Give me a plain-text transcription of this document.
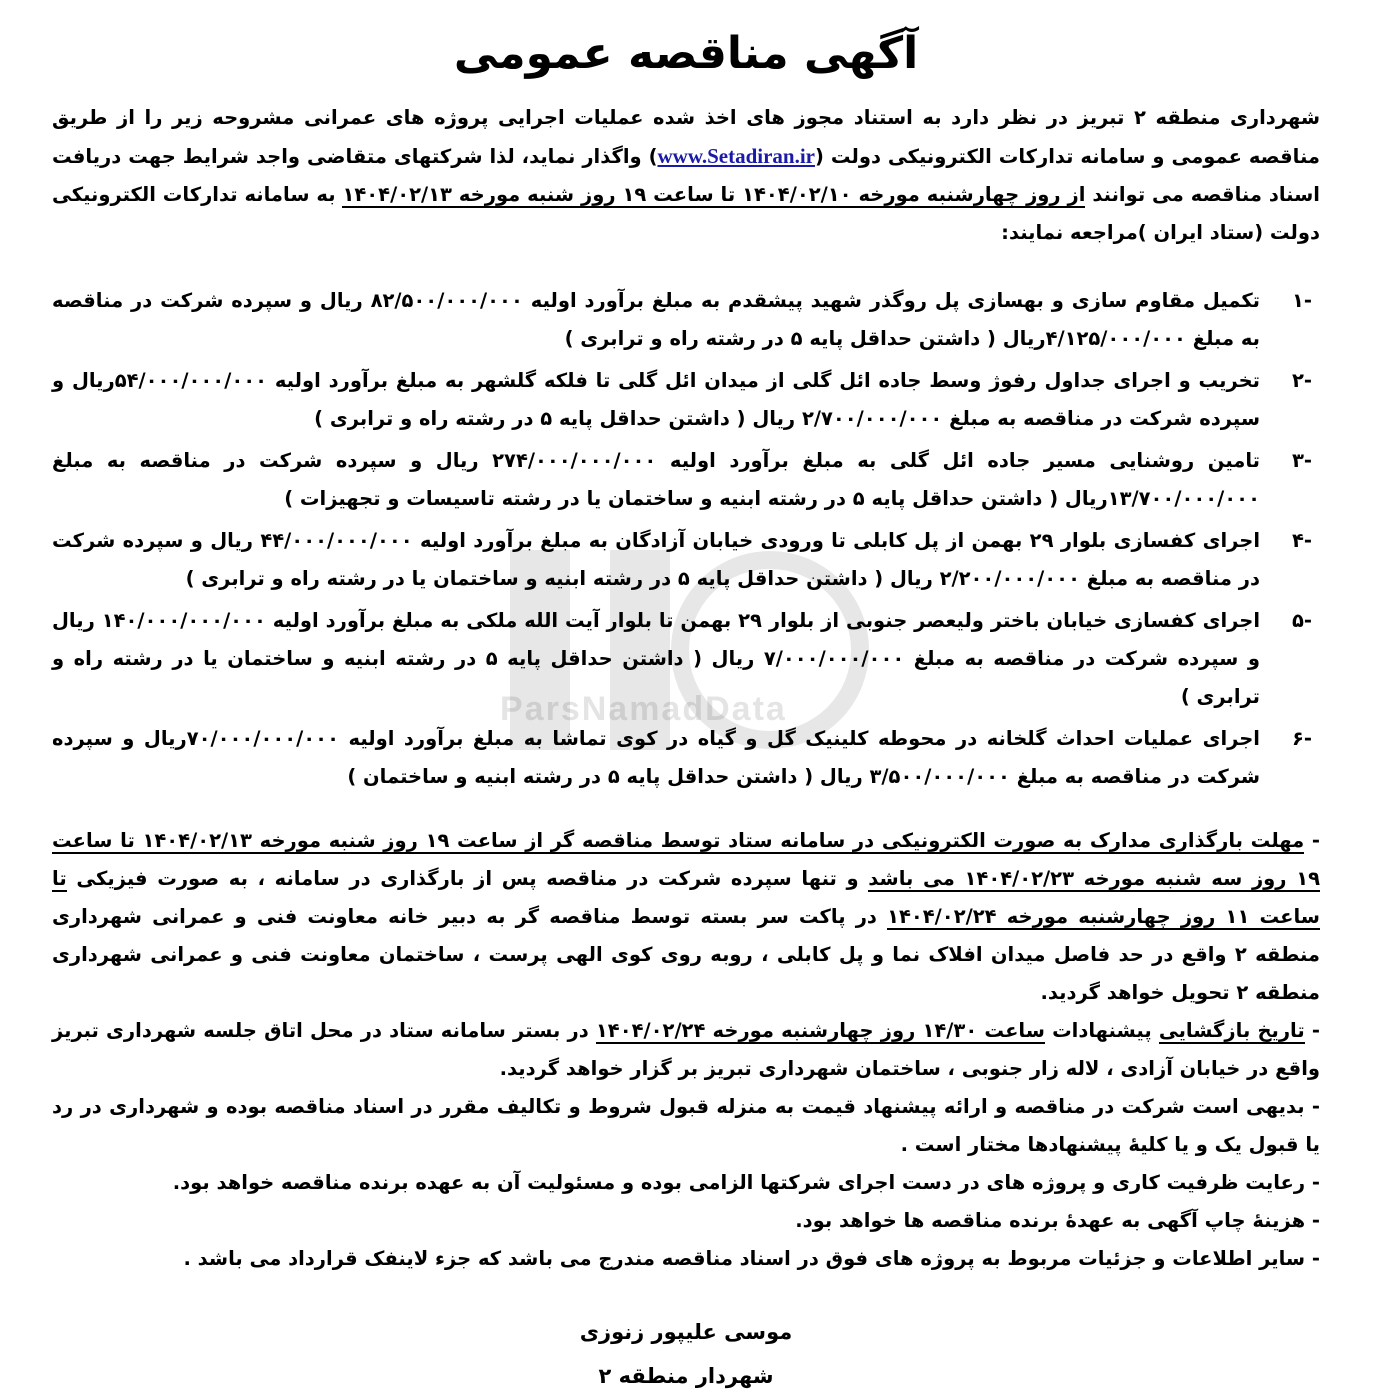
ParsNamadData
آگهی مناقصه عمومی

شهرداری منطقه ۲ تبریز در نظر دارد به استناد مجوز های اخذ شده عملیات اجرایی پروژه های عمرانی مشروحه زیر را از طریق مناقصه عمومی و سامانه تدارکات الکترونیکی دولت (www.Setadiran.ir) واگذار نماید، لذا شرکتهای متقاضی واجد شرایط جهت دریافت اسناد مناقصه می توانند از روز چهارشنبه مورخه ۱۴۰۴/۰۲/۱۰ تا ساعت ۱۹ روز شنبه مورخه ۱۴۰۴/۰۲/۱۳ به سامانه تدارکات الکترونیکی دولت (ستاد ایران )مراجعه نمایند:

-۱
تکمیل مقاوم سازی و بهسازی پل روگذر شهید پیشقدم به مبلغ برآورد اولیه ۸۲/۵۰۰/۰۰۰/۰۰۰ ریال و سپرده شرکت در مناقصه به مبلغ ۴/۱۲۵/۰۰۰/۰۰۰ریال ( داشتن حداقل پایه ۵ در رشته راه و ترابری )
-۲
تخریب و اجرای جداول رفوژ وسط جاده ائل گلی از میدان ائل گلی تا فلکه گلشهر به مبلغ برآورد اولیه ۵۴/۰۰۰/۰۰۰/۰۰۰ریال و سپرده شرکت در مناقصه به مبلغ ۲/۷۰۰/۰۰۰/۰۰۰ ریال ( داشتن حداقل پایه ۵ در رشته راه و ترابری )
-۳
تامین روشنایی مسیر جاده ائل گلی به مبلغ برآورد اولیه ۲۷۴/۰۰۰/۰۰۰/۰۰۰ ریال و سپرده شرکت در مناقصه به مبلغ ۱۳/۷۰۰/۰۰۰/۰۰۰ریال ( داشتن حداقل پایه ۵ در رشته ابنیه و ساختمان یا در رشته تاسیسات و تجهیزات )
-۴
اجرای کفسازی بلوار ۲۹ بهمن از پل کابلی تا ورودی خیابان آزادگان به مبلغ برآورد اولیه ۴۴/۰۰۰/۰۰۰/۰۰۰ ریال و سپرده شرکت در مناقصه به مبلغ ۲/۲۰۰/۰۰۰/۰۰۰ ریال ( داشتن حداقل پایه ۵ در رشته ابنیه و ساختمان یا در رشته راه و ترابری )
-۵
اجرای کفسازی خیابان باختر ولیعصر جنوبی از بلوار ۲۹ بهمن تا بلوار آیت الله ملکی به مبلغ برآورد اولیه ۱۴۰/۰۰۰/۰۰۰/۰۰۰ ریال و سپرده شرکت در مناقصه به مبلغ ۷/۰۰۰/۰۰۰/۰۰۰ ریال ( داشتن حداقل پایه ۵ در رشته ابنیه و ساختمان یا در رشته راه و ترابری )
-۶
اجرای عملیات احداث گلخانه در محوطه کلینیک گل و گیاه در کوی تماشا به مبلغ برآورد اولیه ۷۰/۰۰۰/۰۰۰/۰۰۰ریال و سپرده شرکت در مناقصه به مبلغ ۳/۵۰۰/۰۰۰/۰۰۰ ریال ( داشتن حداقل پایه ۵ در رشته ابنیه و ساختمان )

- مهلت بارگذاری مدارک به صورت الکترونیکی در سامانه ستاد توسط مناقصه گر از ساعت ۱۹ روز شنبه مورخه ۱۴۰۴/۰۲/۱۳ تا ساعت ۱۹ روز سه شنبه مورخه ۱۴۰۴/۰۲/۲۳ می باشد و تنها سپرده شرکت در مناقصه پس از بارگذاری در سامانه ، به صورت فیزیکی تا ساعت ۱۱ روز چهارشنبه مورخه ۱۴۰۴/۰۲/۲۴ در پاکت سر بسته توسط مناقصه گر به دبیر خانه معاونت فنی و عمرانی شهرداری منطقه ۲ واقع در حد فاصل میدان افلاک نما و پل کابلی ، روبه روی کوی الهی پرست ، ساختمان معاونت فنی و عمرانی شهرداری منطقه ۲ تحویل خواهد گردید.

- تاریخ بازگشایی پیشنهادات ساعت ۱۴/۳۰ روز چهارشنبه مورخه ۱۴۰۴/۰۲/۲۴ در بستر سامانه ستاد در محل اتاق جلسه شهرداری تبریز واقع در خیابان آزادی ، لاله زار جنوبی ، ساختمان شهرداری تبریز بر گزار خواهد گردید.

- بدیهی است شرکت در مناقصه و ارائه پیشنهاد قیمت به منزله قبول شروط و تکالیف مقرر در اسناد مناقصه بوده و شهرداری در رد یا قبول یک و یا کلیهٔ پیشنهادها مختار است .

- رعایت ظرفیت کاری و پروژه های در دست اجرای شرکتها الزامی بوده و مسئولیت آن به عهده برنده مناقصه خواهد بود.

- هزینهٔ چاپ آگهی به عهدهٔ برنده مناقصه ها خواهد بود.

- سایر اطلاعات و جزئیات مربوط به پروژه های فوق در اسناد مناقصه مندرج می باشد که جزء لاینفک قرارداد می باشد .

موسی علیپور زنوزی
شهردار منطقه ۲
